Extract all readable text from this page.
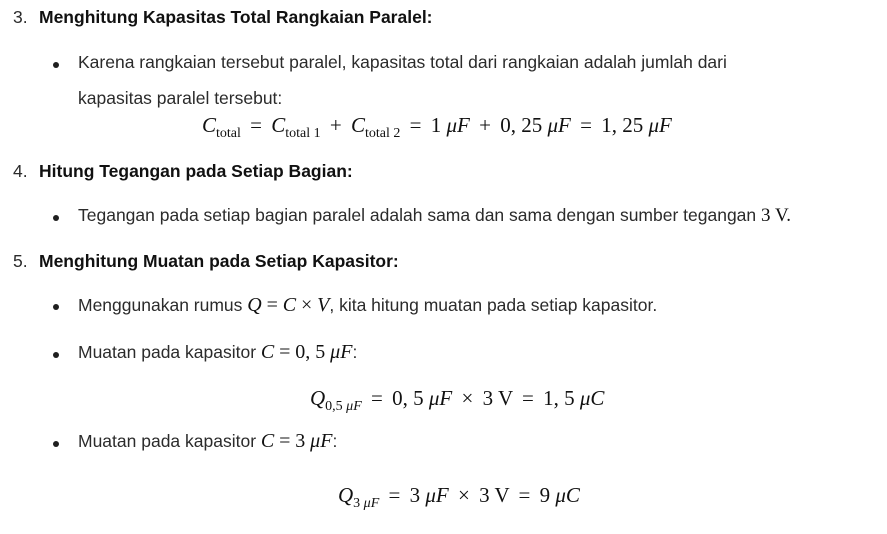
3. Menghitung Kapasitas Total Rangkaian Paralel:
Karena rangkaian tersebut paralel, kapasitas total dari rangkaian adalah jumlah dari
kapasitas paralel tersebut:
$C_{total} = C_{total 1} + C_{total 2} = 1$ μF + 0, 25 μF = 1, 25 μF
4. Hitung Tegangan pada Setiap Bagian:
Tegangan pada setiap bagian paralel adalah sama dan sama dengan sumber tegangan 3 V.
5. Menghitung Muatan pada Setiap Kapasitor:
Menggunakan rumus Q = C × V, kita hitung muatan pada setiap kapasitor.
Muatan pada kapasitor C = 0, 5 μF:
$Q_{0,5 \mu F} = 0$, 5 μF × 3 V = 1, 5 μC
Muatan pada kapasitor C = 3 μF:
$Q_{3 \mu F} = 3$ μF × 3 V = 9 μC
